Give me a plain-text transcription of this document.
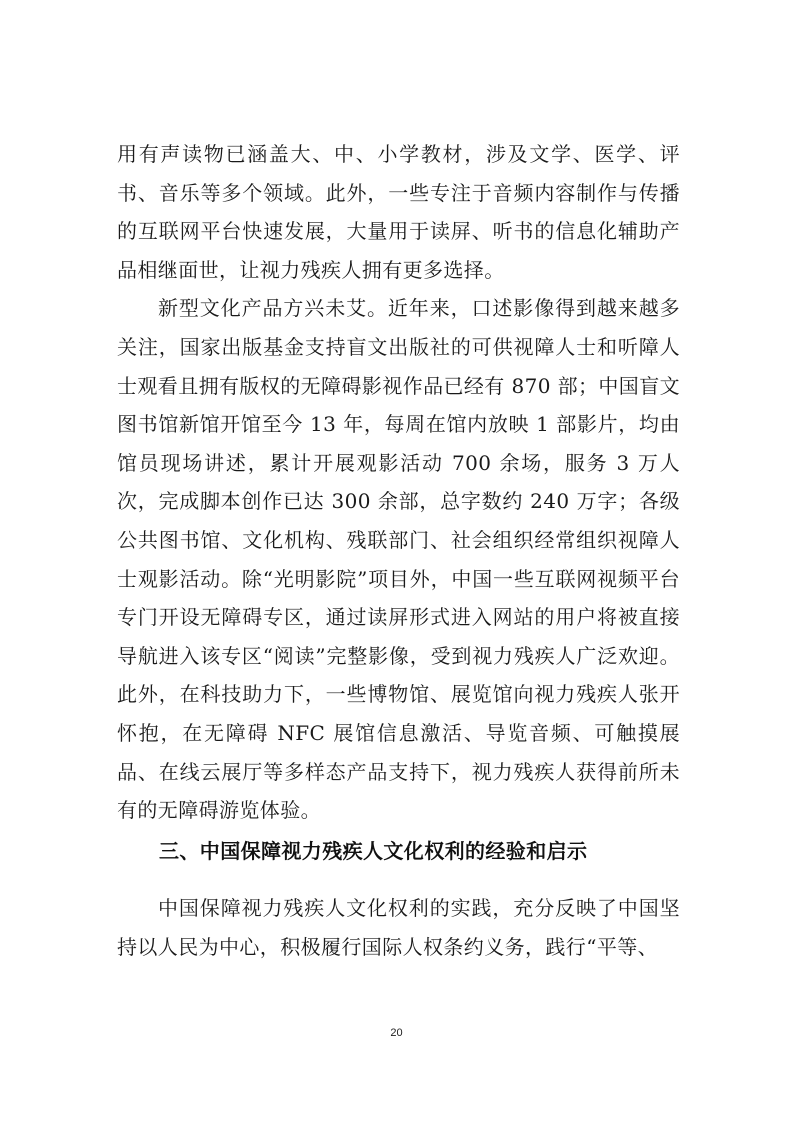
用有声读物已涵盖大、中、小学教材，涉及文学、医学、评书、音乐等多个领域。此外，一些专注于音频内容制作与传播的互联网平台快速发展，大量用于读屏、听书的信息化辅助产品相继面世，让视力残疾人拥有更多选择。

新型文化产品方兴未艾。近年来，口述影像得到越来越多关注，国家出版基金支持盲文出版社的可供视障人士和听障人士观看且拥有版权的无障碍影视作品已经有 870 部；中国盲文图书馆新馆开馆至今 13 年，每周在馆内放映 1 部影片，均由馆员现场讲述，累计开展观影活动 700 余场，服务 3 万人次，完成脚本创作已达 300 余部，总字数约 240 万字；各级公共图书馆、文化机构、残联部门、社会组织经常组织视障人士观影活动。除“光明影院”项目外，中国一些互联网视频平台专门开设无障碍专区，通过读屏形式进入网站的用户将被直接导航进入该专区“阅读”完整影像，受到视力残疾人广泛欢迎。此外，在科技助力下，一些博物馆、展览馆向视力残疾人张开怀抱，在无障碍 NFC 展馆信息激活、导览音频、可触摸展品、在线云展厅等多样态产品支持下，视力残疾人获得前所未有的无障碍游览体验。

三、中国保障视力残疾人文化权利的经验和启示

中国保障视力残疾人文化权利的实践，充分反映了中国坚持以人民为中心，积极履行国际人权条约义务，践行“平等、

20
